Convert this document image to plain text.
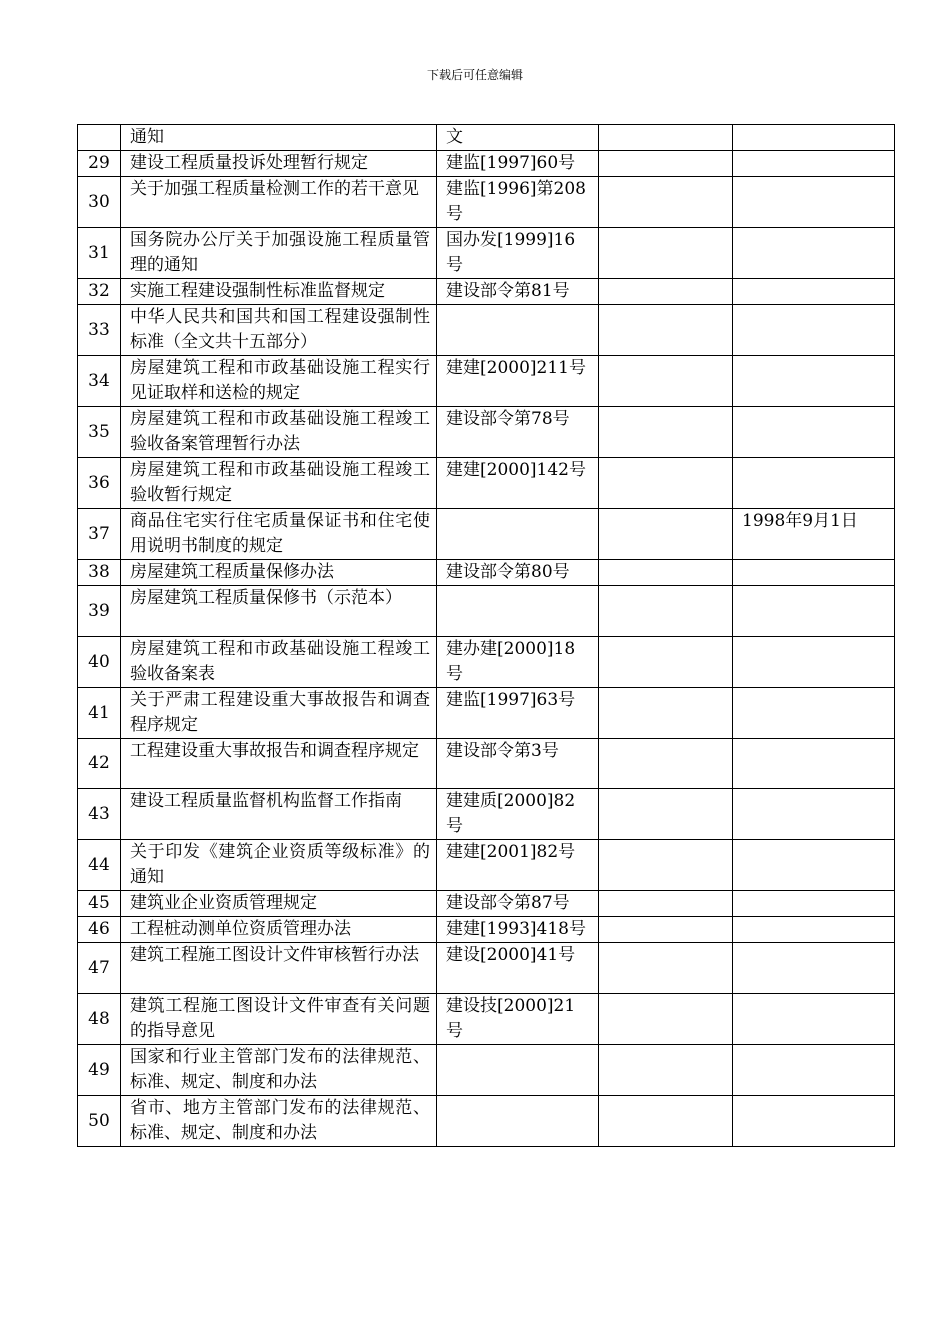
下载后可任意编辑
	通知	文		
29	建设工程质量投诉处理暂行规定	建监[1997]60号		
30	关于加强工程质量检测工作的若干意见	建监[1996]第208号		
31	国务院办公厅关于加强设施工程质量管理的通知	国办发[1999]16号		
32	实施工程建设强制性标准监督规定	建设部令第81号		
33	中华人民共和国共和国工程建设强制性标准（全文共十五部分）			
34	房屋建筑工程和市政基础设施工程实行见证取样和送检的规定	建建[2000]211号		
35	房屋建筑工程和市政基础设施工程竣工验收备案管理暂行办法	建设部令第78号		
36	房屋建筑工程和市政基础设施工程竣工验收暂行规定	建建[2000]142号		
37	商品住宅实行住宅质量保证书和住宅使用说明书制度的规定			1998年9月1日
38	房屋建筑工程质量保修办法	建设部令第80号		
39	房屋建筑工程质量保修书（示范本）			
40	房屋建筑工程和市政基础设施工程竣工验收备案表	建办建[2000]18号		
41	关于严肃工程建设重大事故报告和调查程序规定	建监[1997]63号		
42	工程建设重大事故报告和调查程序规定	建设部令第3号		
43	建设工程质量监督机构监督工作指南	建建质[2000]82号		
44	关于印发《建筑企业资质等级标准》的通知	建建[2001]82号		
45	建筑业企业资质管理规定	建设部令第87号		
46	工程桩动测单位资质管理办法	建建[1993]418号		
47	建筑工程施工图设计文件审核暂行办法	建设[2000]41号		
48	建筑工程施工图设计文件审查有关问题的指导意见	建设技[2000]21号		
49	国家和行业主管部门发布的法律规范、标准、规定、制度和办法			
50	省市、地方主管部门发布的法律规范、标准、规定、制度和办法			
